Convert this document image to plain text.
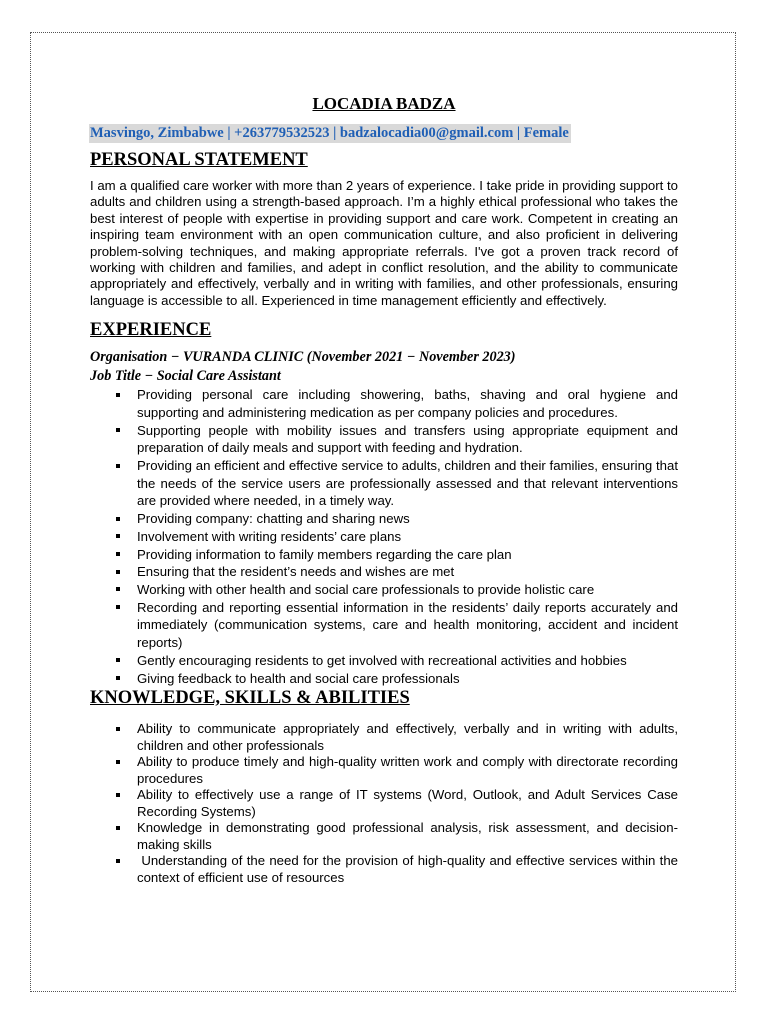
LOCADIA BADZA
Masvingo, Zimbabwe | +263779532523 | badzalocadia00@gmail.com | Female
PERSONAL STATEMENT

I am a qualified care worker with more than 2 years of experience. I take pride in providing support to adults and children using a strength-based approach. I’m a highly ethical professional who takes the best interest of people with expertise in providing support and care work. Competent in creating an inspiring team environment with an open communication culture, and also proficient in delivering problem-solving techniques, and making appropriate referrals. I've got a proven track record of working with children and families, and adept in conflict resolution, and the ability to communicate appropriately and effectively, verbally and in writing with families, and other professionals, ensuring language is accessible to all. Experienced in time management efficiently and effectively.

EXPERIENCE
Organisation − VURANDA CLINIC (November 2021 − November 2023)
Job Title − Social Care Assistant
Providing personal care including showering, baths, shaving and oral hygiene and supporting and administering medication as per company policies and procedures.
Supporting people with mobility issues and transfers using appropriate equipment and preparation of daily meals and support with feeding and hydration.
Providing an efficient and effective service to adults, children and their families, ensuring that the needs of the service users are professionally assessed and that relevant interventions are provided where needed, in a timely way.
Providing company: chatting and sharing news
Involvement with writing residents’ care plans
Providing information to family members regarding the care plan
Ensuring that the resident’s needs and wishes are met
Working with other health and social care professionals to provide holistic care
Recording and reporting essential information in the residents’ daily reports accurately and immediately (communication systems, care and health monitoring, accident and incident reports)
Gently encouraging residents to get involved with recreational activities and hobbies
Giving feedback to health and social care professionals
KNOWLEDGE, SKILLS & ABILITIES
Ability to communicate appropriately and effectively, verbally and in writing with adults, children and other professionals
Ability to produce timely and high-quality written work and comply with directorate recording procedures
Ability to effectively use a range of IT systems (Word, Outlook, and Adult Services Case Recording Systems)
Knowledge in demonstrating good professional analysis, risk assessment, and decision-making skills
Understanding of the need for the provision of high-quality and effective services within the context of efficient use of resources
